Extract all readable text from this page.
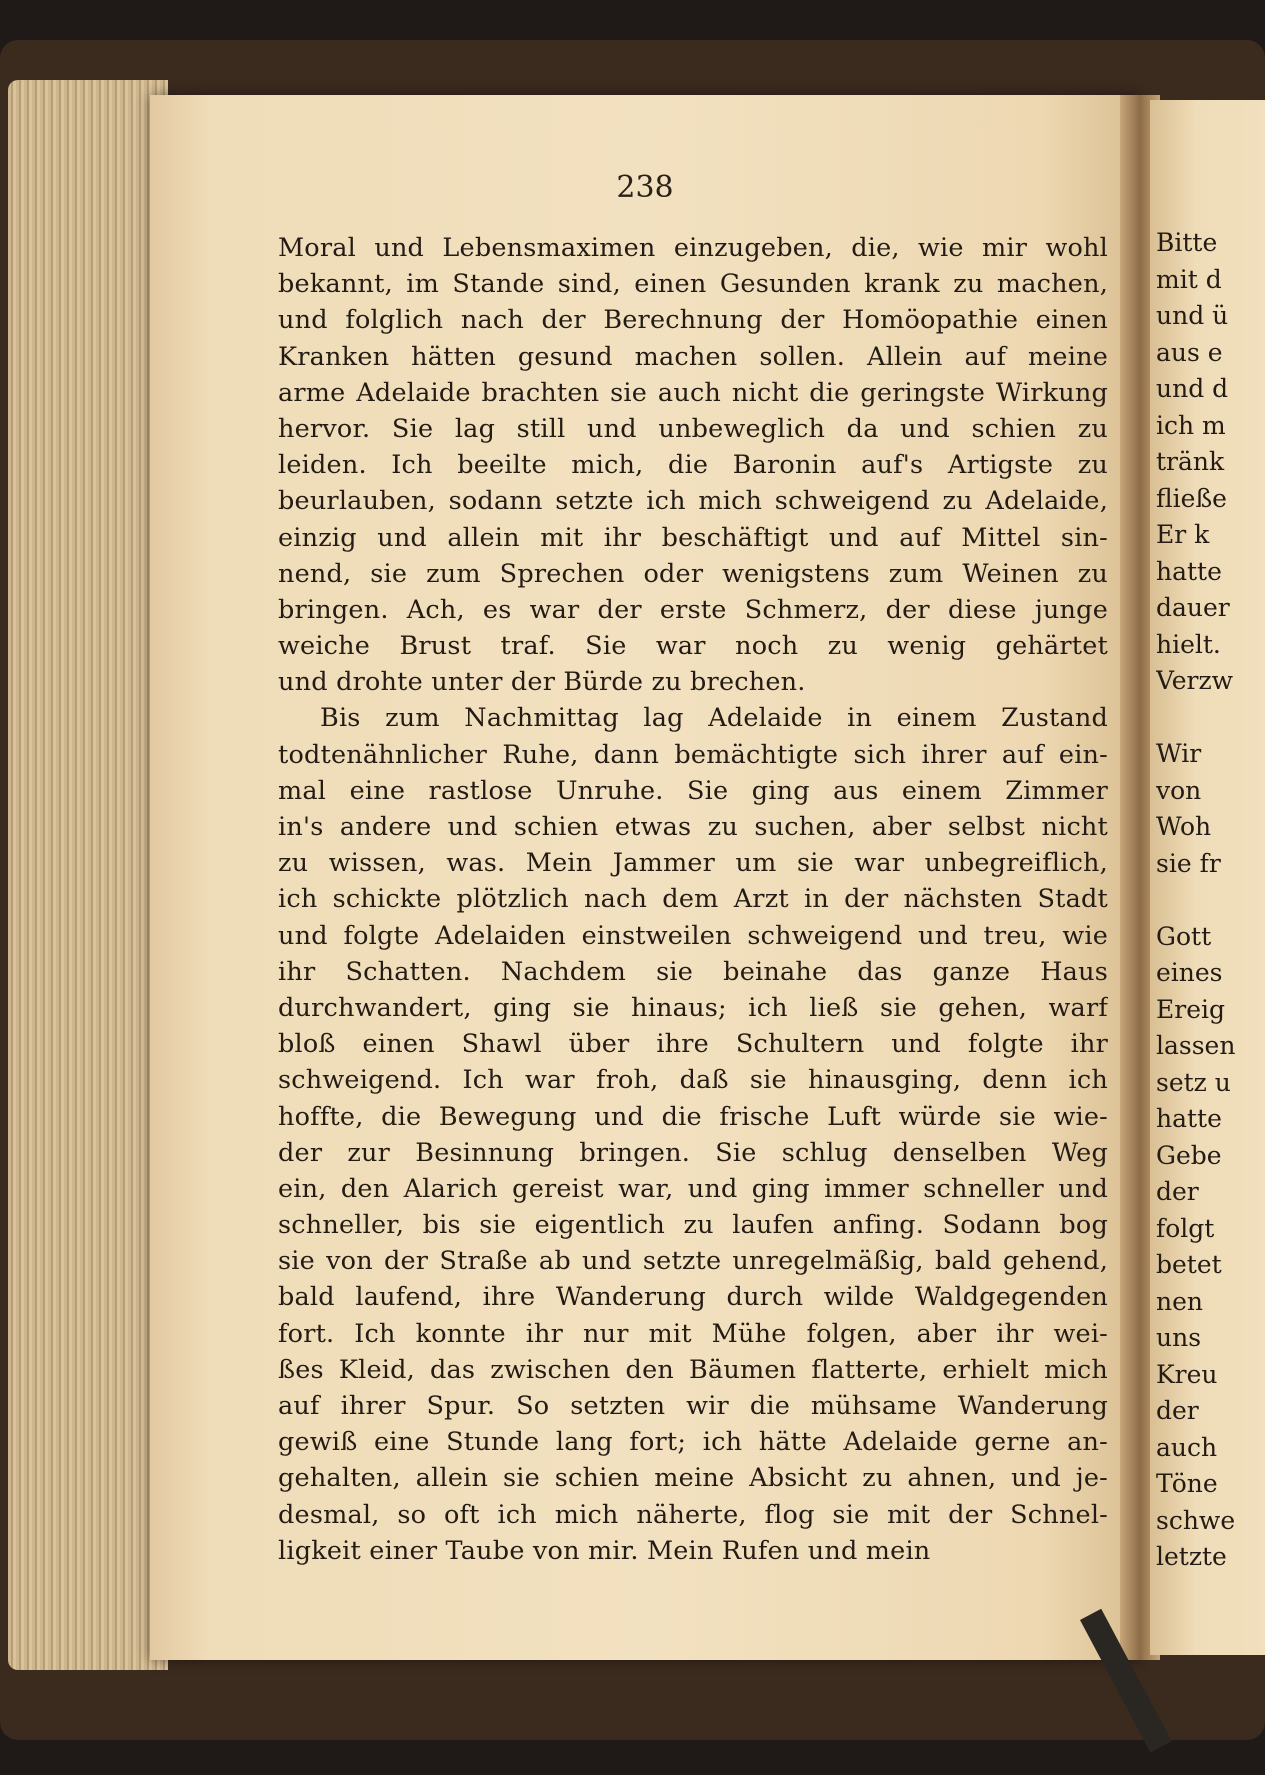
238
Moral und Lebensmaximen einzugeben, die, wie mir wohl
bekannt, im Stande sind, einen Gesunden krank zu machen,
und folglich nach der Berechnung der Homöopathie einen
Kranken hätten gesund machen sollen. Allein auf meine
arme Adelaide brachten sie auch nicht die geringste Wirkung
hervor. Sie lag still und unbeweglich da und schien zu
leiden. Ich beeilte mich, die Baronin auf's Artigste zu
beurlauben, sodann setzte ich mich schweigend zu Adelaide,
einzig und allein mit ihr beschäftigt und auf Mittel sin-
nend, sie zum Sprechen oder wenigstens zum Weinen zu
bringen. Ach, es war der erste Schmerz, der diese junge
weiche Brust traf. Sie war noch zu wenig gehärtet
und drohte unter der Bürde zu brechen.
Bis zum Nachmittag lag Adelaide in einem Zustand
todtenähnlicher Ruhe, dann bemächtigte sich ihrer auf ein-
mal eine rastlose Unruhe. Sie ging aus einem Zimmer
in's andere und schien etwas zu suchen, aber selbst nicht
zu wissen, was. Mein Jammer um sie war unbegreiflich,
ich schickte plötzlich nach dem Arzt in der nächsten Stadt
und folgte Adelaiden einstweilen schweigend und treu, wie
ihr Schatten. Nachdem sie beinahe das ganze Haus
durchwandert, ging sie hinaus; ich ließ sie gehen, warf
bloß einen Shawl über ihre Schultern und folgte ihr
schweigend. Ich war froh, daß sie hinausging, denn ich
hoffte, die Bewegung und die frische Luft würde sie wie-
der zur Besinnung bringen. Sie schlug denselben Weg
ein, den Alarich gereist war, und ging immer schneller und
schneller, bis sie eigentlich zu laufen anfing. Sodann bog
sie von der Straße ab und setzte unregelmäßig, bald gehend,
bald laufend, ihre Wanderung durch wilde Waldgegenden
fort. Ich konnte ihr nur mit Mühe folgen, aber ihr wei-
ßes Kleid, das zwischen den Bäumen flatterte, erhielt mich
auf ihrer Spur. So setzten wir die mühsame Wanderung
gewiß eine Stunde lang fort; ich hätte Adelaide gerne an-
gehalten, allein sie schien meine Absicht zu ahnen, und je-
desmal, so oft ich mich näherte, flog sie mit der Schnel-
ligkeit einer Taube von mir. Mein Rufen und mein
Bitte
mit d
und ü
aus e
und d
ich m
tränk
fließe
Er k
hatte
dauer
hielt.
Verzw
Wir
von
Woh
sie fr
Gott
eines
Ereig
lassen
setz u
hatte
Gebe
der
folgt
betet
nen
uns
Kreu
der
auch
Töne
schwe
letzte
